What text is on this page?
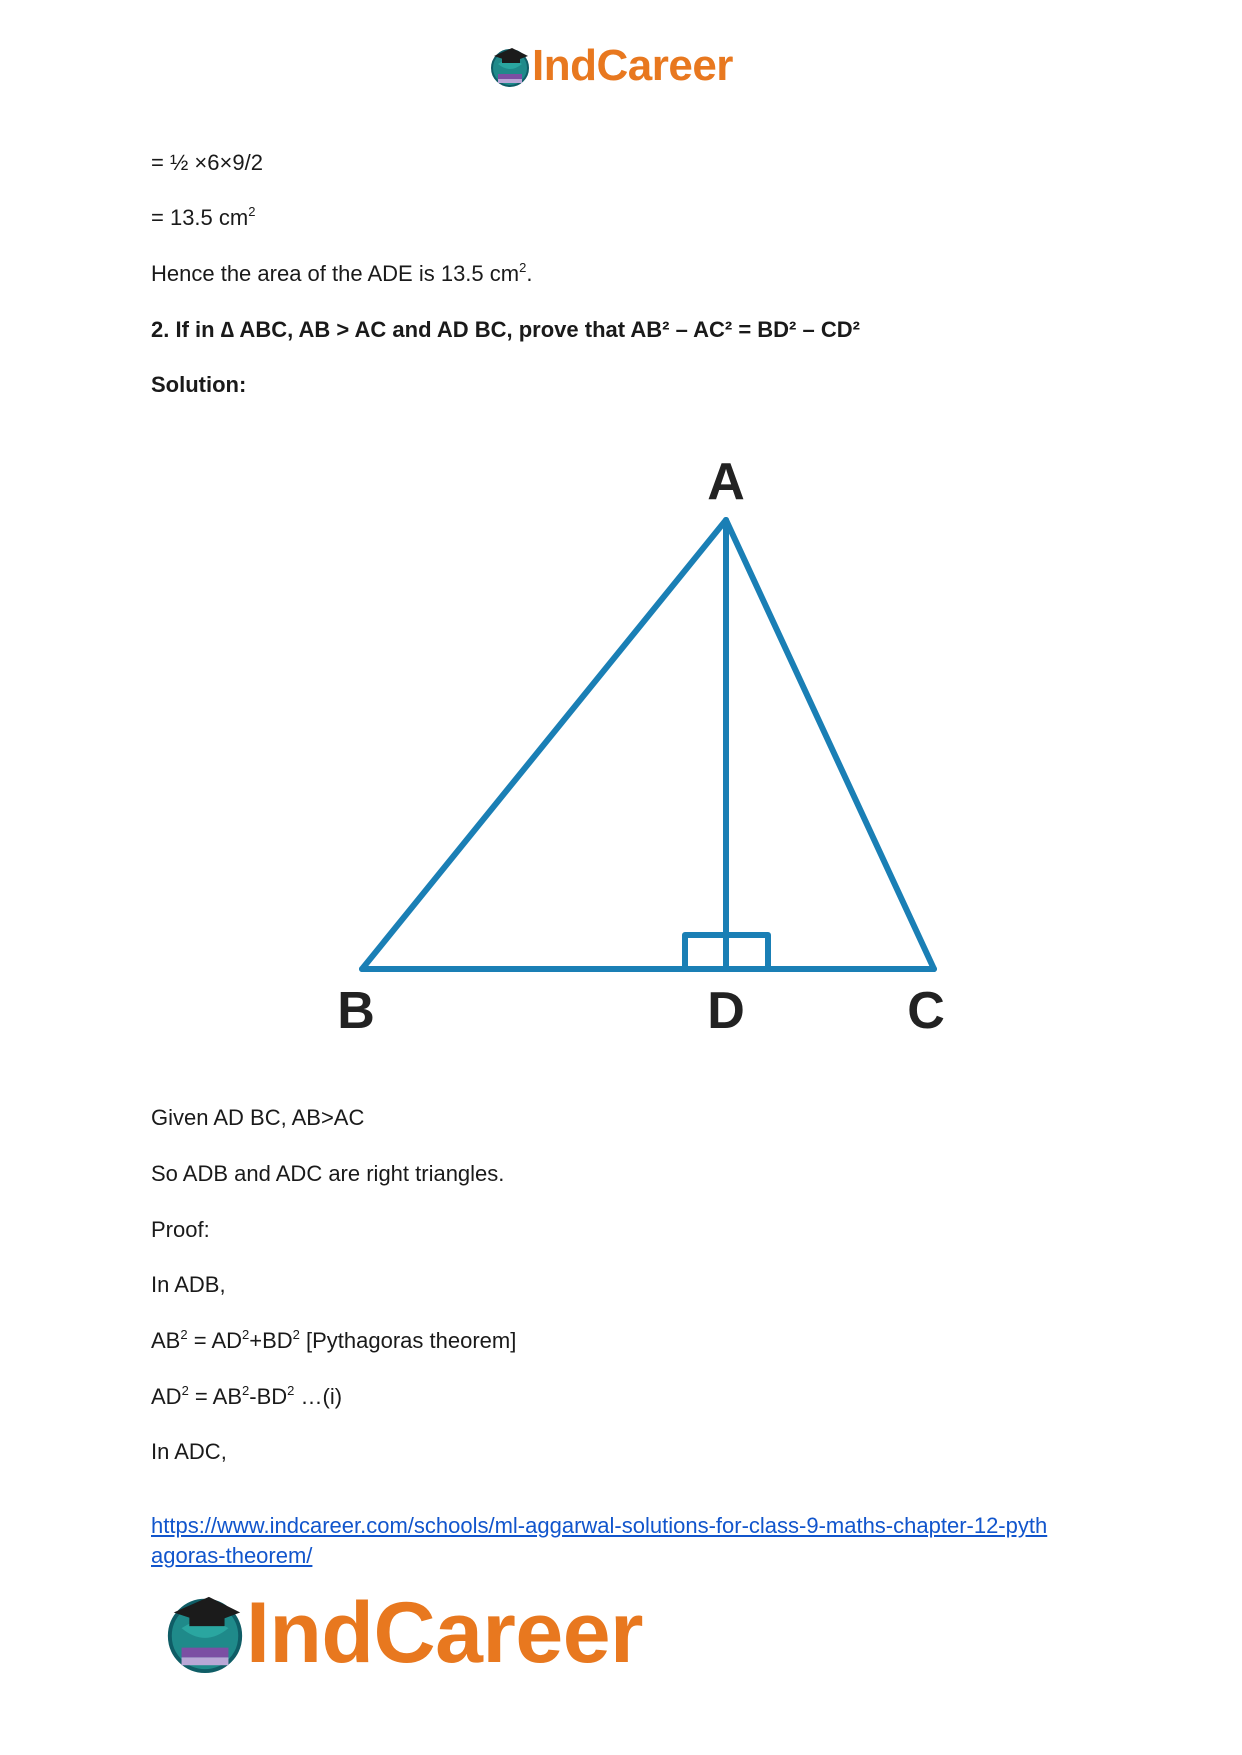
IndCareer
= ½ ×6×9/2
= 13.5 $cm^2$
Hence the area of the ADE is 13.5 $cm^2$.
2. If in ∆ ABC, AB > AC and AD BC, prove that AB² – AC² = BD² – CD²
Solution:
A
B	D	C
Given AD BC, AB>AC
So ADB and ADC are right triangles.
Proof:
In ADB,
$AB^2 = AD^2+BD^2$ [Pythagoras theorem]
$AD^2 = AB^2-BD^2$ …(i)
In ADC,
https://www.indcareer.com/schools/ml-aggarwal-solutions-for-class-9-maths-chapter-12-pyth
agoras-theorem/
IndCareer
